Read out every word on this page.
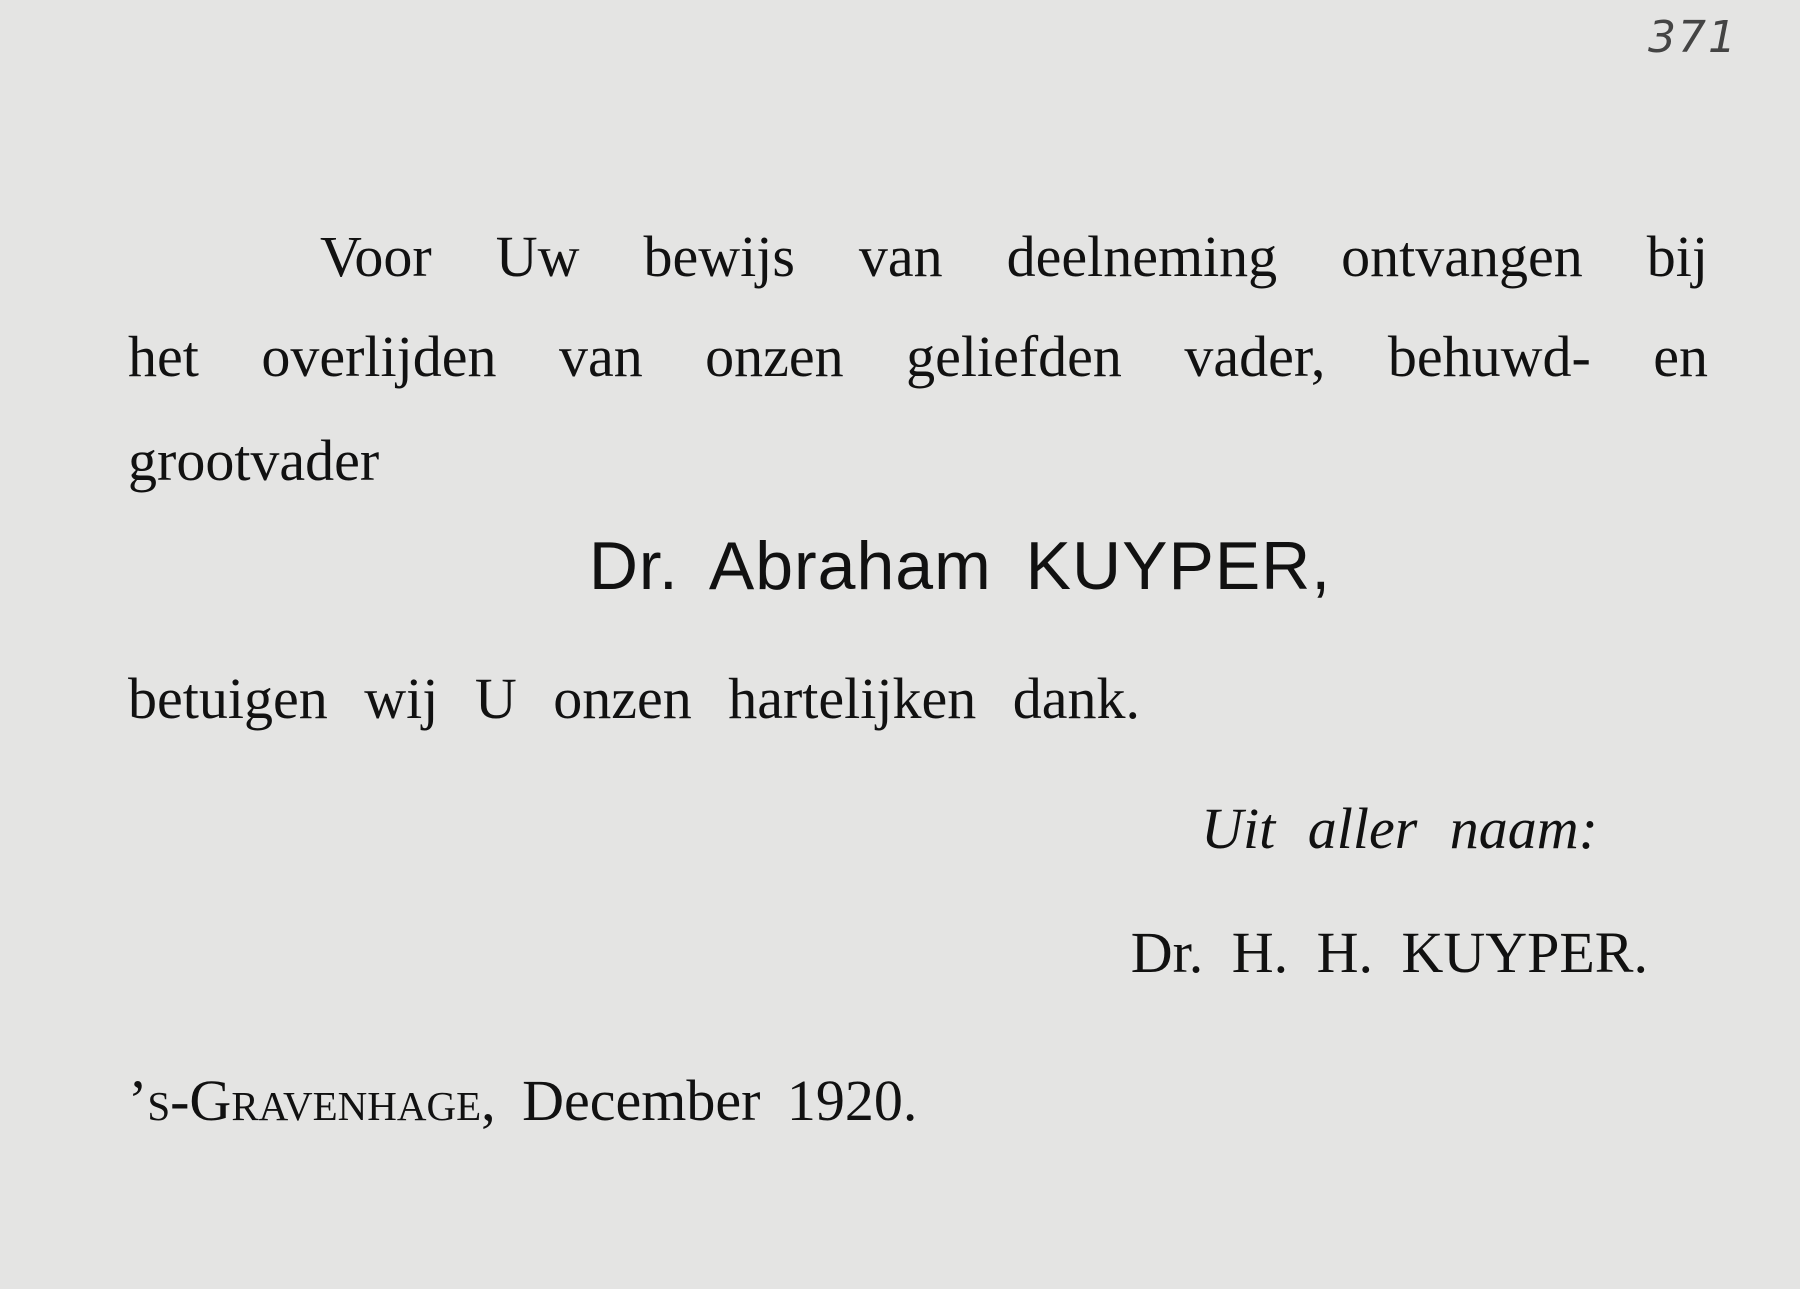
371
Voor Uw bewijs van deelneming ontvangen bij
het overlijden van onzen geliefden vader, behuwd- en
grootvader
Dr. Abraham KUYPER,
betuigen wij U onzen hartelijken dank.
Uit aller naam:
Dr. H. H. KUYPER.
’s-Gravenhage, December 1920.
